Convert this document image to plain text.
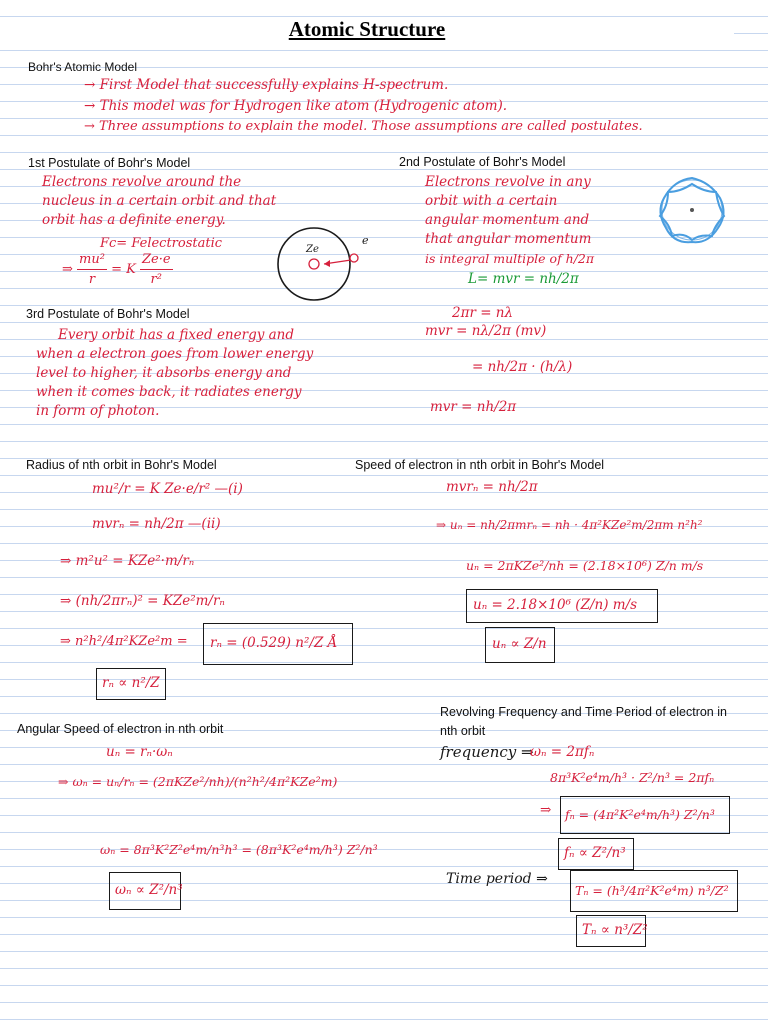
Atomic Structure
Bohr's Atomic Model
→ First Model that successfully explains H-spectrum.
→ This model was for Hydrogen like atom (Hydrogenic atom).
→ Three assumptions to explain the model. Those assumptions are called postulates.
1st Postulate of Bohr's Model
Electrons revolve around the
nucleus in a certain orbit and that
orbit has a definite energy.
Fc= Felectrostatic
⇒ $\frac{\text{mu²}}{r} = K \frac{Ze\cdot e}{\text{r²}}$
Ze
e
2nd Postulate of Bohr's Model
Electrons revolve in any
orbit with a certain
angular momentum and
that angular momentum
is integral multiple of h/2π
L= mvr = nh/2π
2πr = nλ
mvr = nλ/2π (mv)
= nh/2π · (h/λ)
mvr = nh/2π
3rd Postulate of Bohr's Model
Every orbit has a fixed energy and
when a electron goes from lower energy
level to higher, it absorbs energy and
when it comes back, it radiates energy
in form of photon.
Radius of nth orbit in Bohr's Model
mu²/r = K Ze·e/r² —(i)
mvrₙ = nh/2π —(ii)
⇒ m²u² = KZe²·m/rₙ
⇒ (nh/2πrₙ)² = KZe²m/rₙ
⇒ n²h²/4π²KZe²m = rₙ = (0.529) n²/Z Å
rₙ ∝ n²/Z
Speed of electron in nth orbit in Bohr's Model
mvrₙ = nh/2π
⇒ uₙ = nh/2πmrₙ = nh · 4π²KZe²m/2πm n²h²
uₙ = 2πKZe²/nh = (2.18×10⁶) Z/n m/s
uₙ = 2.18×10⁶ (Z/n) m/s
uₙ ∝ Z/n
Revolving Frequency and Time Period of electron in nth orbit
frequency ⇒
ωₙ = 2πfₙ
8π³K²e⁴m/h³ · Z²/n³ = 2πfₙ
⇒ fₙ = (4π²K²e⁴m/h³) Z²/n³
fₙ ∝ Z²/n³
Time period ⇒
Tₙ = (h³/4π²K²e⁴m) n³/Z²
Tₙ ∝ n³/Z²
Angular Speed of electron in nth orbit
uₙ = rₙ·ωₙ
⇒ ωₙ = uₙ/rₙ = (2πKZe²/nh)/(n²h²/4π²KZe²m)
ωₙ = 8π³K²Z²e⁴m/n³h³ = (8π³K²e⁴m/h³) Z²/n³
ωₙ ∝ Z²/n³
